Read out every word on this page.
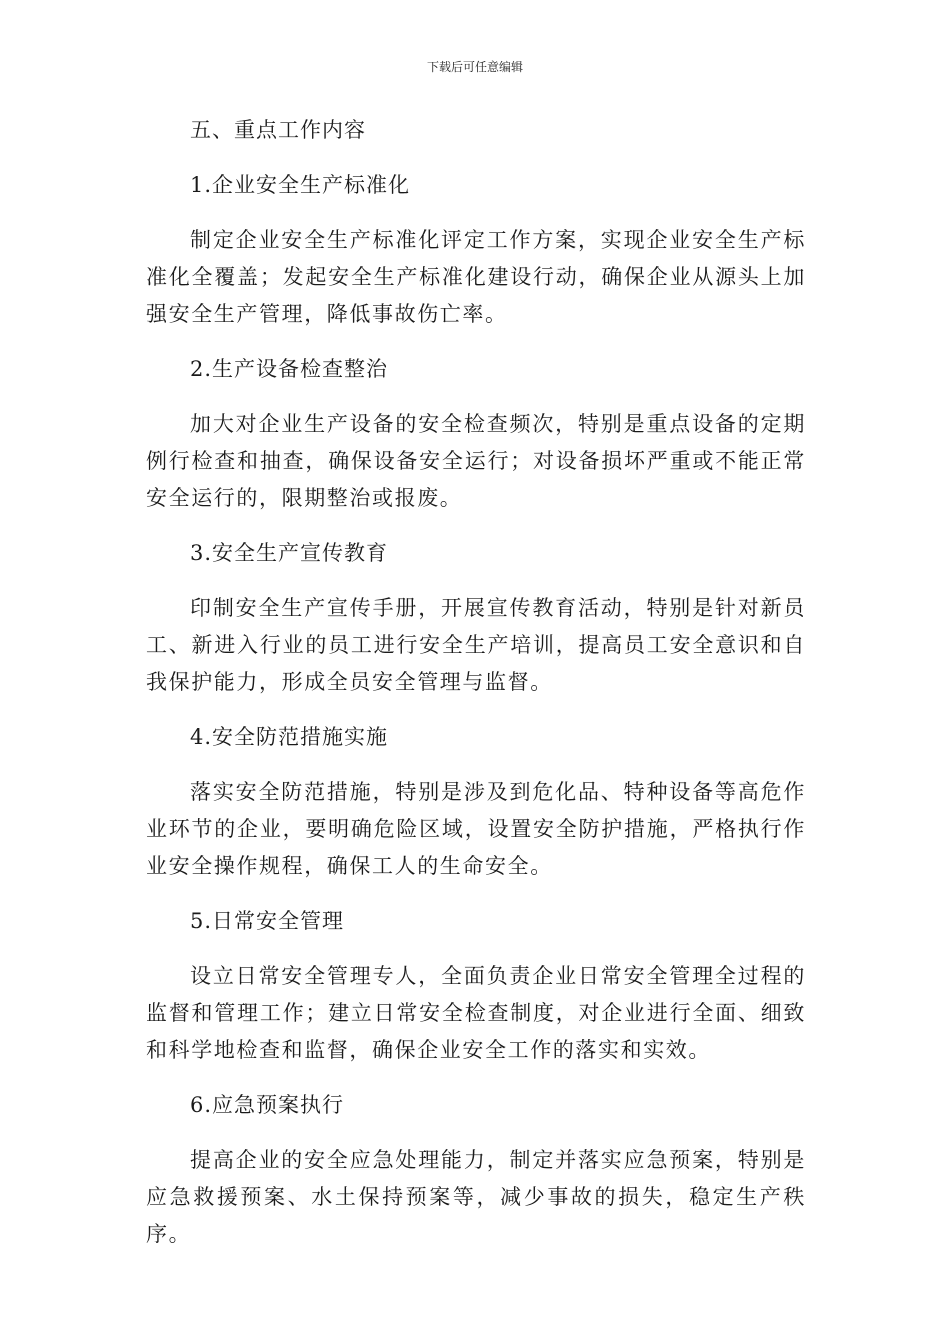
下载后可任意编辑
五、重点工作内容
1.企业安全生产标准化
制定企业安全生产标准化评定工作方案，实现企业安全生产标准化全覆盖；发起安全生产标准化建设行动，确保企业从源头上加强安全生产管理，降低事故伤亡率。
2.生产设备检查整治
加大对企业生产设备的安全检查频次，特别是重点设备的定期例行检查和抽查，确保设备安全运行；对设备损坏严重或不能正常安全运行的，限期整治或报废。
3.安全生产宣传教育
印制安全生产宣传手册，开展宣传教育活动，特别是针对新员工、新进入行业的员工进行安全生产培训，提高员工安全意识和自我保护能力，形成全员安全管理与监督。
4.安全防范措施实施
落实安全防范措施，特别是涉及到危化品、特种设备等高危作业环节的企业，要明确危险区域，设置安全防护措施，严格执行作业安全操作规程，确保工人的生命安全。
5.日常安全管理
设立日常安全管理专人，全面负责企业日常安全管理全过程的监督和管理工作；建立日常安全检查制度，对企业进行全面、细致和科学地检查和监督，确保企业安全工作的落实和实效。
6.应急预案执行
提高企业的安全应急处理能力，制定并落实应急预案，特别是应急救援预案、水土保持预案等，减少事故的损失，稳定生产秩序。
